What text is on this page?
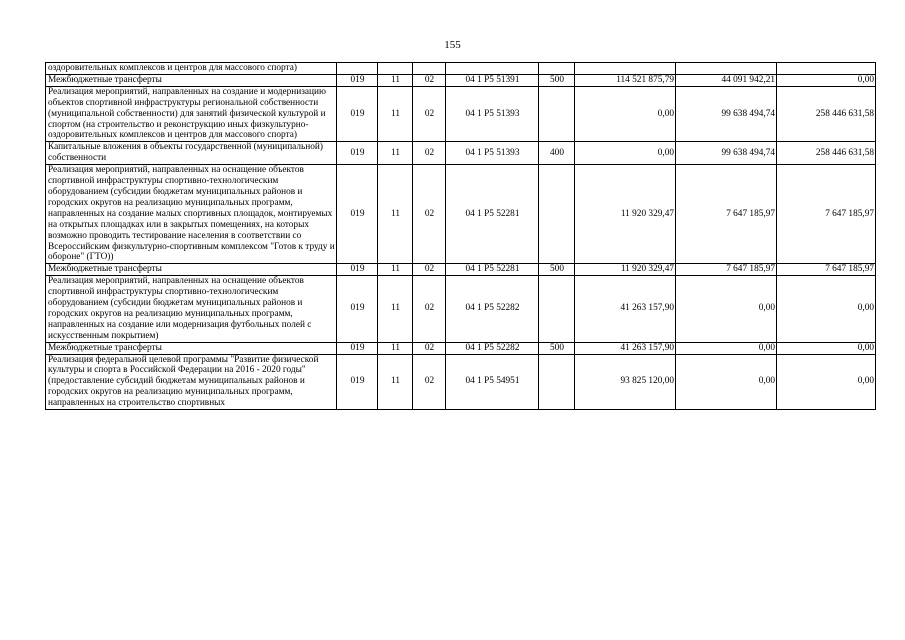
155
оздоровительных комплексов и центров для массового спорта)								
Межбюджетные трансферты	019	11	02	04 1 Р5 51391	500	114 521 875,79	44 091 942,21	0,00
Реализация мероприятий, направленных на создание и модернизацию объектов спортивной инфраструктуры региональной собственности (муниципальной собственности) для занятий физической культурой и спортом (на строительство и реконструкцию иных физкультурно-оздоровительных комплексов и центров для массового спорта)	019	11	02	04 1 Р5 51393		0,00	99 638 494,74	258 446 631,58
Капитальные вложения в объекты государственной (муниципальной) собственности	019	11	02	04 1 Р5 51393	400	0,00	99 638 494,74	258 446 631,58
Реализация мероприятий, направленных на оснащение объектов спортивной инфраструктуры спортивно-технологическим оборудованием (субсидии бюджетам муниципальных районов и городских округов на реализацию муниципальных программ, направленных на создание малых спортивных площадок, монтируемых на открытых площадках или в закрытых помещениях, на которых возможно проводить тестирование населения в соответствии со Всероссийским физкультурно-спортивным комплексом "Готов к труду и обороне" (ГТО))	019	11	02	04 1 Р5 52281		11 920 329,47	7 647 185,97	7 647 185,97
Межбюджетные трансферты	019	11	02	04 1 Р5 52281	500	11 920 329,47	7 647 185,97	7 647 185,97
Реализация мероприятий, направленных на оснащение объектов спортивной инфраструктуры спортивно-технологическим оборудованием (субсидии бюджетам муниципальных районов и городских округов на реализацию муниципальных программ, направленных на создание или модернизация футбольных полей с искусственным покрытием)	019	11	02	04 1 Р5 52282		41 263 157,90	0,00	0,00
Межбюджетные трансферты	019	11	02	04 1 Р5 52282	500	41 263 157,90	0,00	0,00
Реализация федеральной целевой программы "Развитие физической культуры и спорта в Российской Федерации на 2016 - 2020 годы" (предоставление субсидий бюджетам муниципальных районов и городских округов на реализацию муниципальных программ, направленных на строительство спортивных	019	11	02	04 1 Р5 54951		93 825 120,00	0,00	0,00
